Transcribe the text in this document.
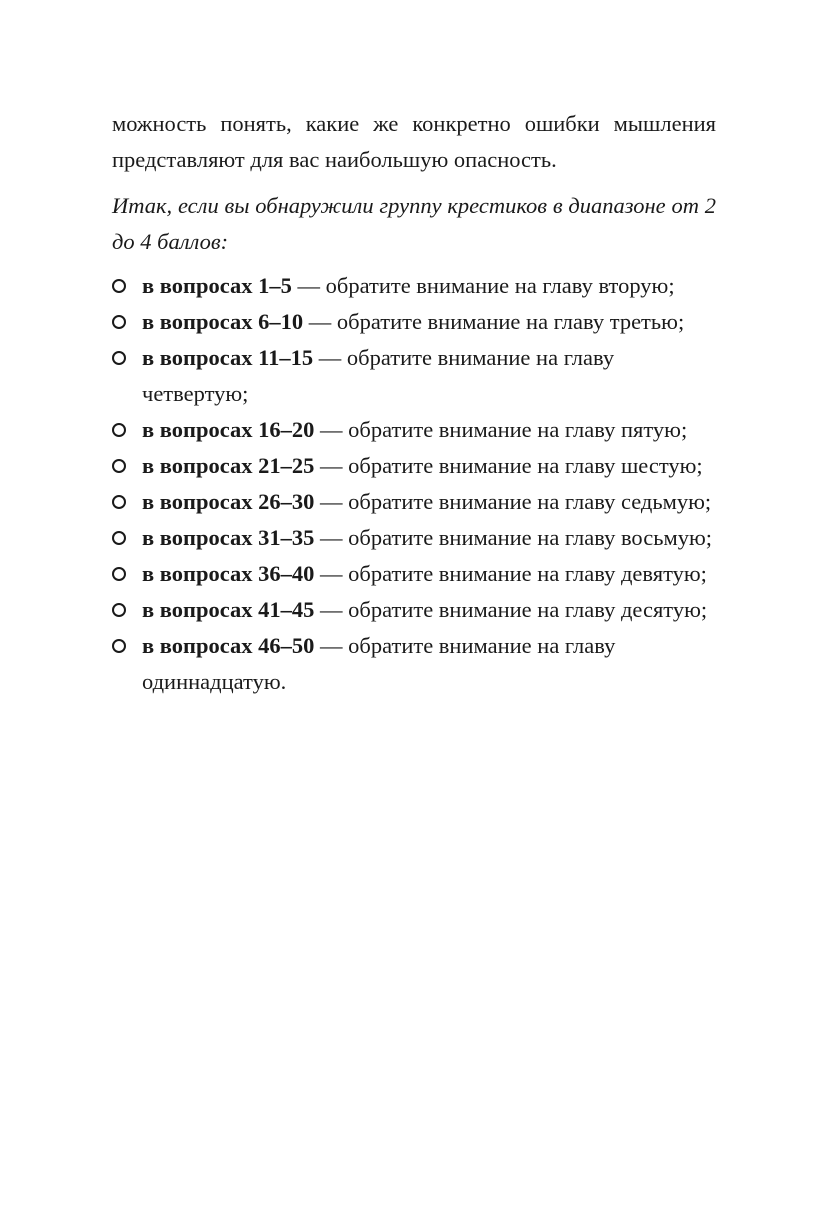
можность понять, какие же конкретно ошибки мышления представляют для вас наибольшую опасность.

Итак, если вы обнаружили группу крестиков в диапазоне от 2 до 4 баллов:

в вопросах 1–5 — обратите внимание на главу вторую;
в вопросах 6–10 — обратите внимание на главу третью;
в вопросах 11–15 — обратите внимание на главу четвертую;
в вопросах 16–20 — обратите внимание на главу пятую;
в вопросах 21–25 — обратите внимание на главу шестую;
в вопросах 26–30 — обратите внимание на главу седьмую;
в вопросах 31–35 — обратите внимание на главу восьмую;
в вопросах 36–40 — обратите внимание на главу девятую;
в вопросах 41–45 — обратите внимание на главу десятую;
в вопросах 46–50 — обратите внимание на главу одиннадцатую.
